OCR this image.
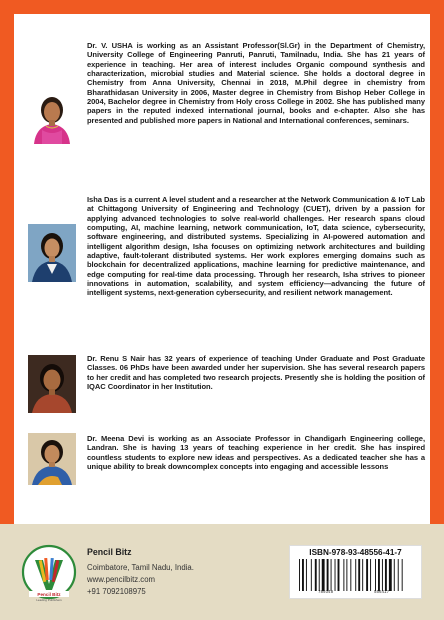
Dr. V. USHA is working as an Assistant Professor(Sl.Gr) in the Department of Chemistry, University College of Engineering Panruti, Panruti, Tamilnadu, India. She has 21 years of experience in teaching. Her area of interest includes Organic compound synthesis and characterization, microbial studies and Material science. She holds a doctoral degree in Chemistry from Anna University, Chennai in 2018, M.Phil degree in chemistry from Bharathidasan University in 2006, Master degree in Chemistry from Bishop Heber College in 2004, Bachelor degree in Chemistry from Holy cross College in 2002. She has published many papers in the reputed indexed international journal, books and e-chapter. Also she has presented and published more papers in National and International conferences, seminars.
Isha Das is a current A level student and a researcher at the Network Communication & IoT Lab at Chittagong University of Engineering and Technology (CUET), driven by a passion for applying advanced technologies to solve real-world challenges. Her research spans cloud computing, AI, machine learning, network communication, IoT, data science, cybersecurity, software engineering, and distributed systems. Specializing in AI-powered automation and intelligent algorithm design, Isha focuses on optimizing network architectures and building adaptive, fault-tolerant distributed systems. Her work explores emerging domains such as blockchain for decentralized applications, machine learning for predictive maintenance, and edge computing for real-time data processing. Through her research, Isha strives to pioneer innovations in automation, scalability, and system efficiency—advancing the future of intelligent systems, next-generation cybersecurity, and resilient network management.
Dr. Renu S Nair has 32 years of experience of teaching Under Graduate and Post Graduate Classes. 06 PhDs have been awarded under her supervision. She has several research papers to her credit and has completed two research projects. Presently she is holding the position of IQAC Coordinator in her Institution.
Dr. Meena Devi is working as an Associate Professor in Chandigarh Engineering college, Landran. She is having 13 years of teaching experience in her credit. She has inspired countless students to explore new ideas and perspectives. As a dedicated teacher she has a unique ability to break downcomplex concepts into engaging and accessible lessons
Pencil Bitz
Leading Publishers
Pencil Bitz
Coimbatore, Tamil Nadu, India.
www.pencilbitz.com
+91 7092108975
ISBN-978-93-48556-41-7
789348	556417
